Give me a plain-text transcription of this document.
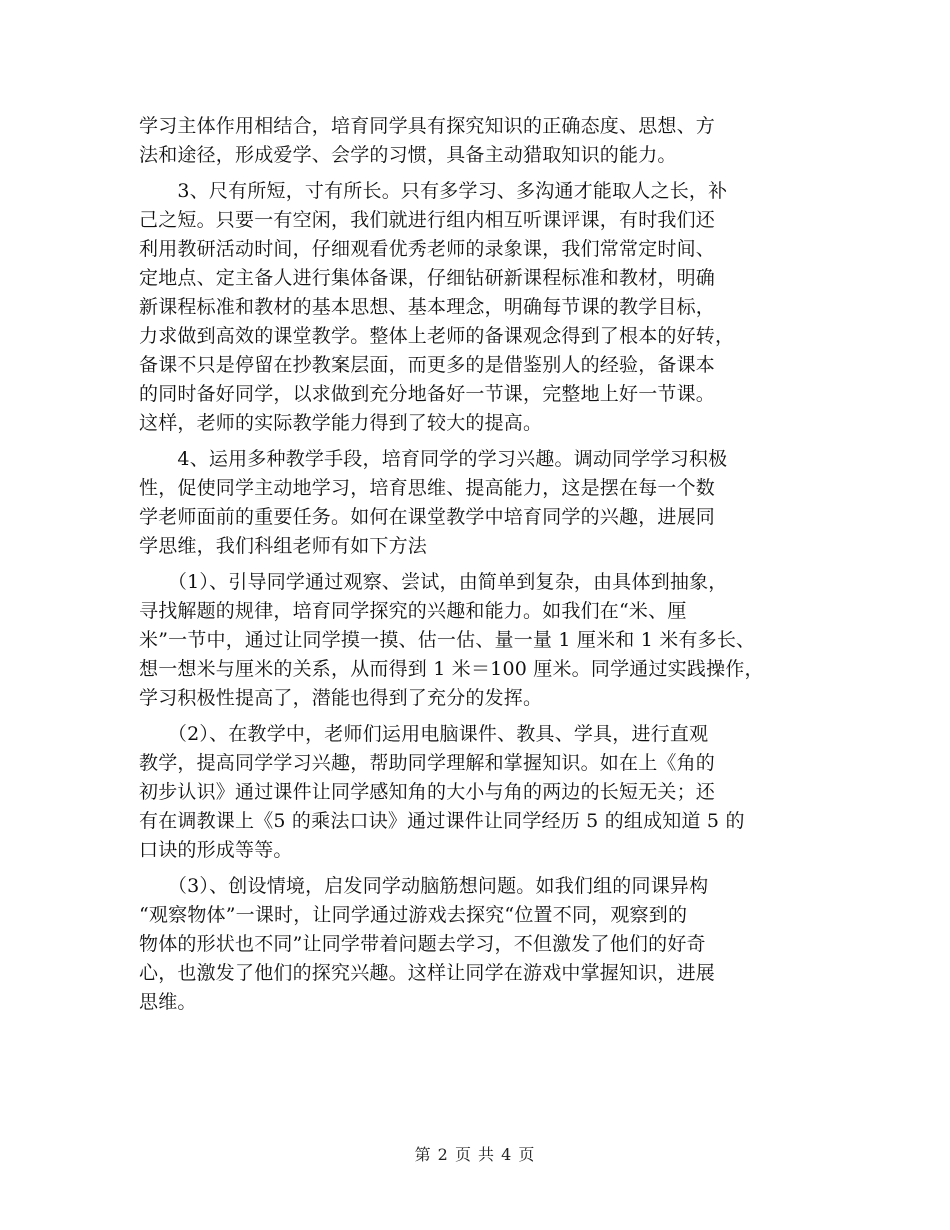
学习主体作用相结合，培育同学具有探究知识的正确态度、思想、方
法和途径，形成爱学、会学的习惯，具备主动猎取知识的能力。
　　3、尺有所短，寸有所长。只有多学习、多沟通才能取人之长，补
己之短。只要一有空闲，我们就进行组内相互听课评课，有时我们还
利用教研活动时间，仔细观看优秀老师的录象课，我们常常定时间、
定地点、定主备人进行集体备课，仔细钻研新课程标准和教材，明确
新课程标准和教材的基本思想、基本理念，明确每节课的教学目标，
力求做到高效的课堂教学。整体上老师的备课观念得到了根本的好转，
备课不只是停留在抄教案层面，而更多的是借鉴别人的经验，备课本
的同时备好同学，以求做到充分地备好一节课，完整地上好一节课。
这样，老师的实际教学能力得到了较大的提高。
　　4、运用多种教学手段，培育同学的学习兴趣。调动同学学习积极
性，促使同学主动地学习，培育思维、提高能力，这是摆在每一个数
学老师面前的重要任务。如何在课堂教学中培育同学的兴趣，进展同
学思维，我们科组老师有如下方法
　　（1）、引导同学通过观察、尝试，由简单到复杂，由具体到抽象，
寻找解题的规律，培育同学探究的兴趣和能力。如我们在“米、厘
米”一节中，通过让同学摸一摸、估一估、量一量 1 厘米和 1 米有多长、
想一想米与厘米的关系，从而得到 1 米＝100 厘米。同学通过实践操作，
学习积极性提高了，潜能也得到了充分的发挥。
　　（2）、在教学中，老师们运用电脑课件、教具、学具，进行直观
教学，提高同学学习兴趣，帮助同学理解和掌握知识。如在上《角的
初步认识》通过课件让同学感知角的大小与角的两边的长短无关；还
有在调教课上《5 的乘法口诀》通过课件让同学经历 5 的组成知道 5 的
口诀的形成等等。
　　（3）、创设情境，启发同学动脑筋想问题。如我们组的同课异构
“观察物体”一课时，让同学通过游戏去探究“位置不同，观察到的
物体的形状也不同”让同学带着问题去学习，不但激发了他们的好奇
心，也激发了他们的探究兴趣。这样让同学在游戏中掌握知识，进展
思维。
第 2 页 共 4 页
